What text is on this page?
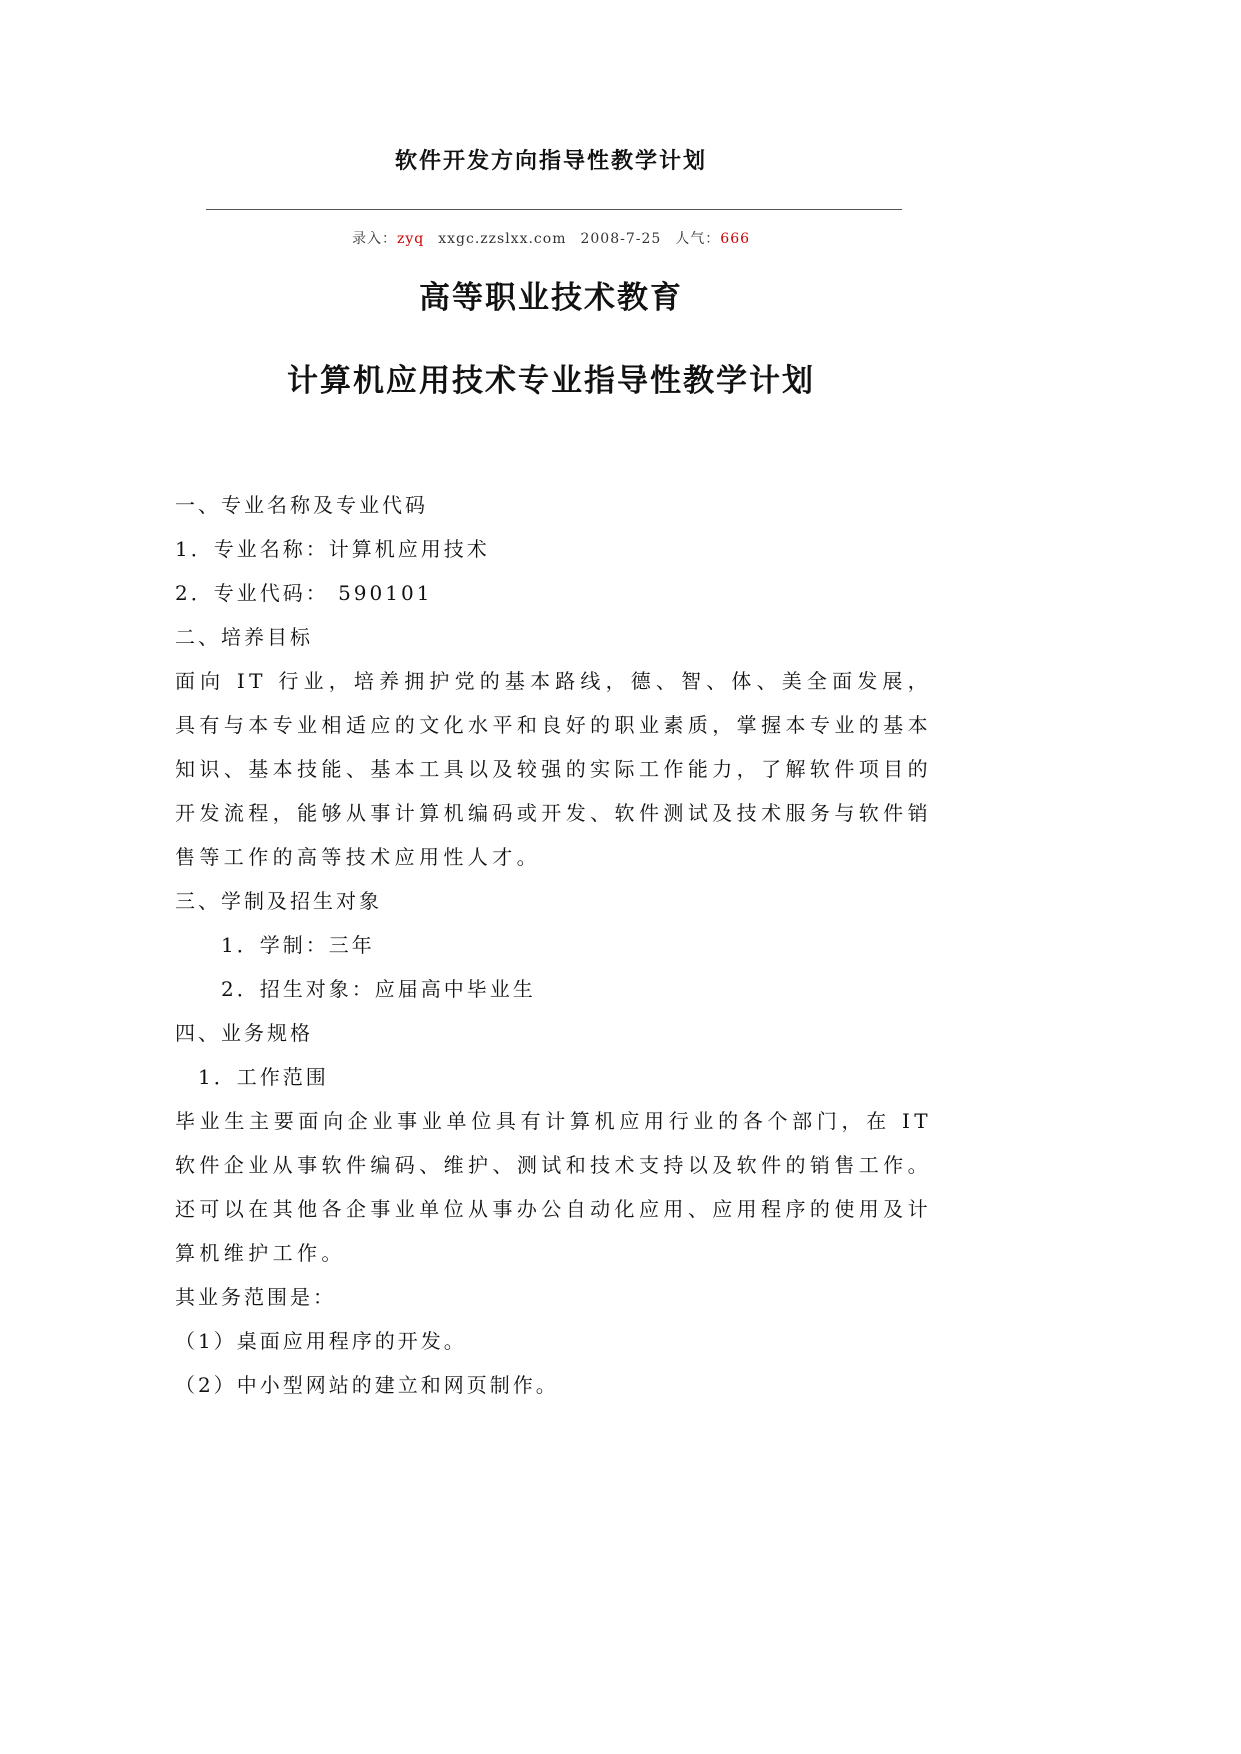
软件开发方向指导性教学计划
录入：zyq xxgc.zzslxx.com 2008-7-25 人气：666
高等职业技术教育
计算机应用技术专业指导性教学计划

一、专业名称及专业代码

1．专业名称：计算机应用技术

2．专业代码： 590101

二、培养目标

面向 IT 行业，培养拥护党的基本路线，德、智、体、美全面发展，具有与本专业相适应的文化水平和良好的职业素质，掌握本专业的基本知识、基本技能、基本工具以及较强的实际工作能力，了解软件项目的开发流程，能够从事计算机编码或开发、软件测试及技术服务与软件销售等工作的高等技术应用性人才。

三、学制及招生对象

1．学制：三年

2．招生对象：应届高中毕业生

四、业务规格

1．工作范围

毕业生主要面向企业事业单位具有计算机应用行业的各个部门，在 IT 软件企业从事软件编码、维护、测试和技术支持以及软件的销售工作。还可以在其他各企事业单位从事办公自动化应用、应用程序的使用及计算机维护工作。

其业务范围是：

（1）桌面应用程序的开发。

（2）中小型网站的建立和网页制作。
